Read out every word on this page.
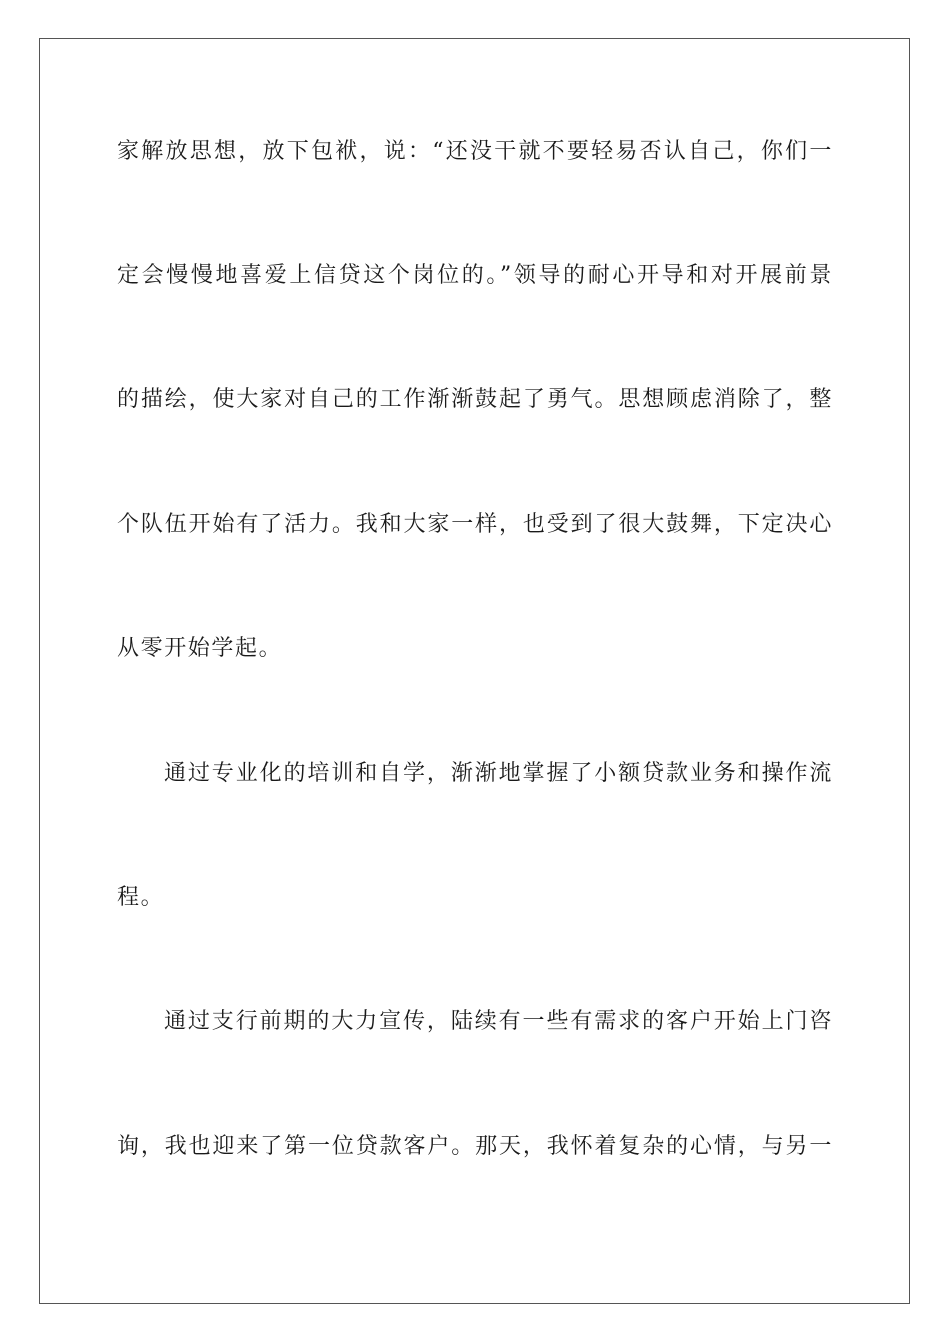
家解放思想，放下包袱，说：“还没干就不要轻易否认自己，你们一
定会慢慢地喜爱上信贷这个岗位的。”领导的耐心开导和对开展前景
的描绘，使大家对自己的工作渐渐鼓起了勇气。思想顾虑消除了，整
个队伍开始有了活力。我和大家一样，也受到了很大鼓舞，下定决心
从零开始学起。
通过专业化的培训和自学，渐渐地掌握了小额贷款业务和操作流
程。
通过支行前期的大力宣传，陆续有一些有需求的客户开始上门咨
询，我也迎来了第一位贷款客户。那天，我怀着复杂的心情，与另一
